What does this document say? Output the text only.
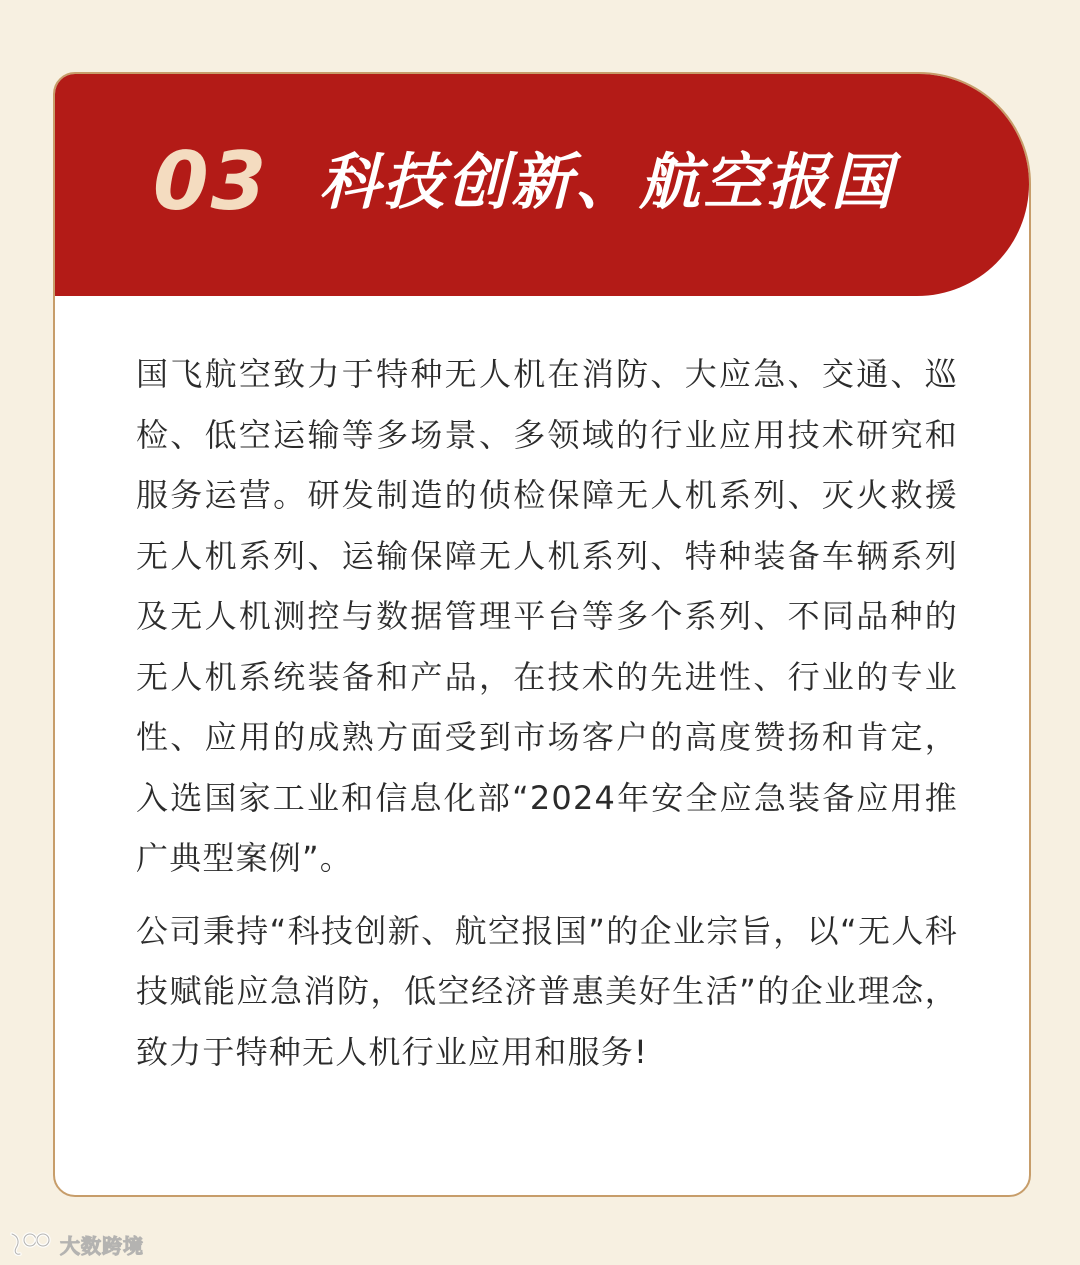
03 科技创新、航空报国

国飞航空致力于特种无人机在消防、大应急、交通、巡检、低空运输等多场景、多领域的行业应用技术研究和服务运营。研发制造的侦检保障无人机系列、灭火救援无人机系列、运输保障无人机系列、特种装备车辆系列及无人机测控与数据管理平台等多个系列、不同品种的无人机系统装备和产品，在技术的先进性、行业的专业性、应用的成熟方面受到市场客户的高度赞扬和肯定，入选国家工业和信息化部“2024年安全应急装备应用推广典型案例”。

公司秉持“科技创新、航空报国”的企业宗旨，以“无人科技赋能应急消防，低空经济普惠美好生活”的企业理念，致力于特种无人机行业应用和服务!

大数跨境
